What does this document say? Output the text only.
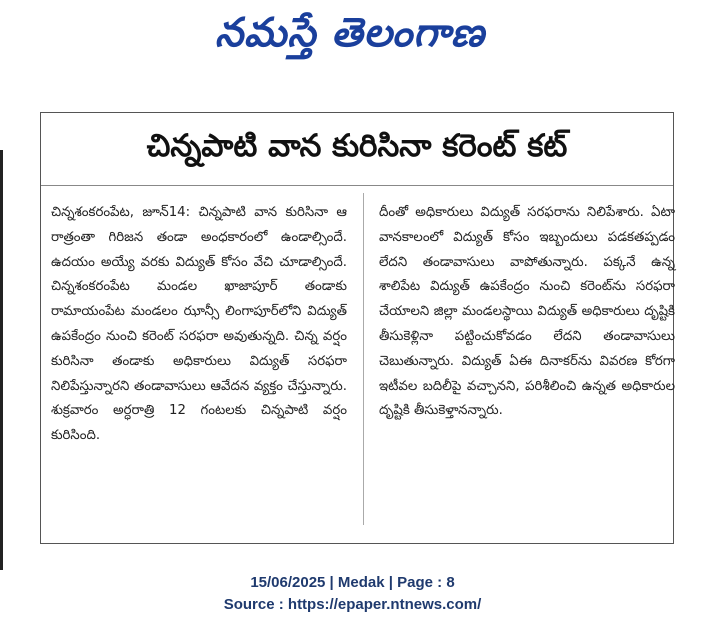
నమస్తే తెలంగాణ
చిన్నపాటి వాన కురిసినా కరెంట్ కట్
చిన్నశంకరంపేట, జూన్14: చిన్నపాటి వాన కురిసినా ఆ రాత్రంతా గిరిజన తండా అంధకారంలో ఉండాల్సిందే. ఉదయం అయ్యే వరకు విద్యుత్ కోసం వేచి చూడాల్సిందే. చిన్నశంకరంపేట మండల ఖాజాపూర్ తండాకు రామాయంపేట మండలం ఝాన్సీ లింగాపూర్‌లోని విద్యుత్ ఉపకేంద్రం నుంచి కరెంట్ సరఫరా అవుతున్నది. చిన్న వర్షం కురిసినా తండాకు అధికారులు విద్యుత్ సరఫరా నిలిపేస్తున్నారని తండావాసులు ఆవేదన వ్యక్తం చేస్తున్నారు. శుక్రవారం అర్ధరాత్రి 12 గంటలకు చిన్నపాటి వర్షం కురిసింది.
దీంతో అధికారులు విద్యుత్ సరఫరాను నిలిపేశారు. ఏటా వానకాలంలో విద్యుత్ కోసం ఇబ్బందులు పడకతప్పడం లేదని తండావాసులు వాపోతున్నారు. పక్కనే ఉన్న శాలిపేట విద్యుత్ ఉపకేంద్రం నుంచి కరెంట్‌ను సరఫరా చేయాలని జిల్లా మండలస్థాయి విద్యుత్ అధికారులు దృష్టికి తీసుకెళ్లినా పట్టించుకోవడం లేదని తండావాసులు చెబుతున్నారు. విద్యుత్ ఏఈ దినాకర్‌ను వివరణ కోరగా ఇటీవల బదిలీపై వచ్చానని, పరిశీలించి ఉన్నత అధికారుల దృష్టికి తీసుకెళ్తానన్నారు.
15/06/2025 | Medak | Page : 8
Source : https://epaper.ntnews.com/
